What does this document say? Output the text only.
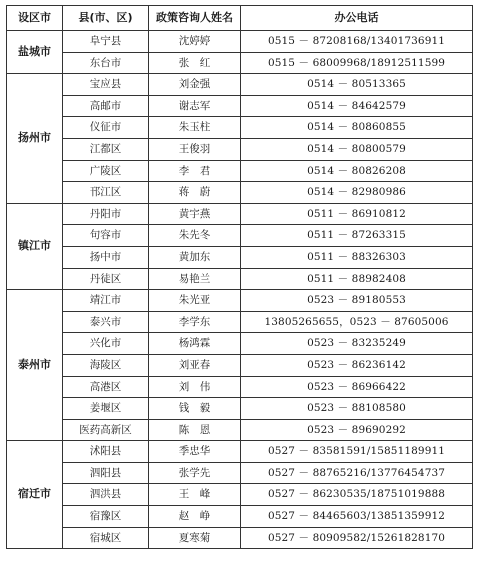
设区市	县(市、区)	政策咨询人姓名	办公电话
盐城市	阜宁县	沈婷婷	0515 － 87208168/13401736911
	东台市	张　红	0515 － 68009968/18912511599
扬州市	宝应县	刘金强	0514 － 80513365
	高邮市	谢志军	0514 － 84642579
	仪征市	朱玉柱	0514 － 80860855
	江都区	王俊羽	0514 － 80800579
	广陵区	李　君	0514 － 80826208
	邗江区	蒋　蔚	0514 － 82980986
镇江市	丹阳市	黄宇燕	0511 － 86910812
	句容市	朱先冬	0511 － 87263315
	扬中市	黄加东	0511 － 88326303
	丹徒区	易艳兰	0511 － 88982408
泰州市	靖江市	朱光亚	0523 － 89180553
	泰兴市	李学东	13805265655，0523 － 87605006
	兴化市	杨鸿霖	0523 － 83235249
	海陵区	刘亚春	0523 － 86236142
	高港区	刘　伟	0523 － 86966422
	姜堰区	钱　毅	0523 － 88108580
	医药高新区	陈　恩	0523 － 89690292
宿迁市	沭阳县	季忠华	0527 － 83581591/15851189911
	泗阳县	张学先	0527 － 88765216/13776454737
	泗洪县	王　峰	0527 － 86230535/18751019888
	宿豫区	赵　峥	0527 － 84465603/13851359912
	宿城区	夏寒菊	0527 － 80909582/15261828170
